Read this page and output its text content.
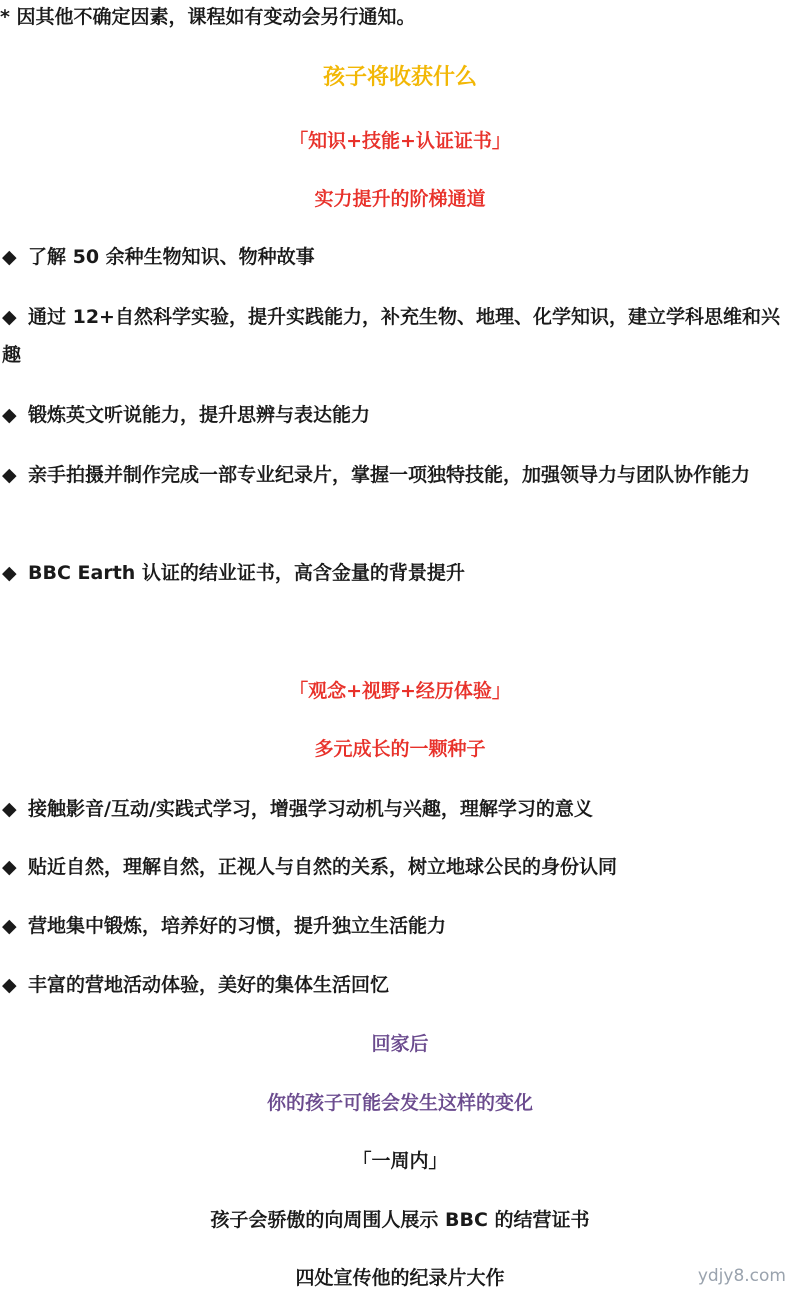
* 因其他不确定因素，课程如有变动会另行通知。
孩子将收获什么
「知识+技能+认证证书」
实力提升的阶梯通道
◆ 了解 50 余种生物知识、物种故事
◆ 通过 12+自然科学实验，提升实践能力，补充生物、地理、化学知识，建立学科思维和兴趣
◆ 锻炼英文听说能力，提升思辨与表达能力
◆ 亲手拍摄并制作完成一部专业纪录片，掌握一项独特技能，加强领导力与团队协作能力
◆ BBC Earth 认证的结业证书，高含金量的背景提升
「观念+视野+经历体验」
多元成长的一颗种子
◆ 接触影音/互动/实践式学习，增强学习动机与兴趣，理解学习的意义
◆ 贴近自然，理解自然，正视人与自然的关系，树立地球公民的身份认同
◆ 营地集中锻炼，培养好的习惯，提升独立生活能力
◆ 丰富的营地活动体验，美好的集体生活回忆
回家后
你的孩子可能会发生这样的变化
「一周内」
孩子会骄傲的向周围人展示 BBC 的结营证书
四处宣传他的纪录片大作	ydjy8.com
